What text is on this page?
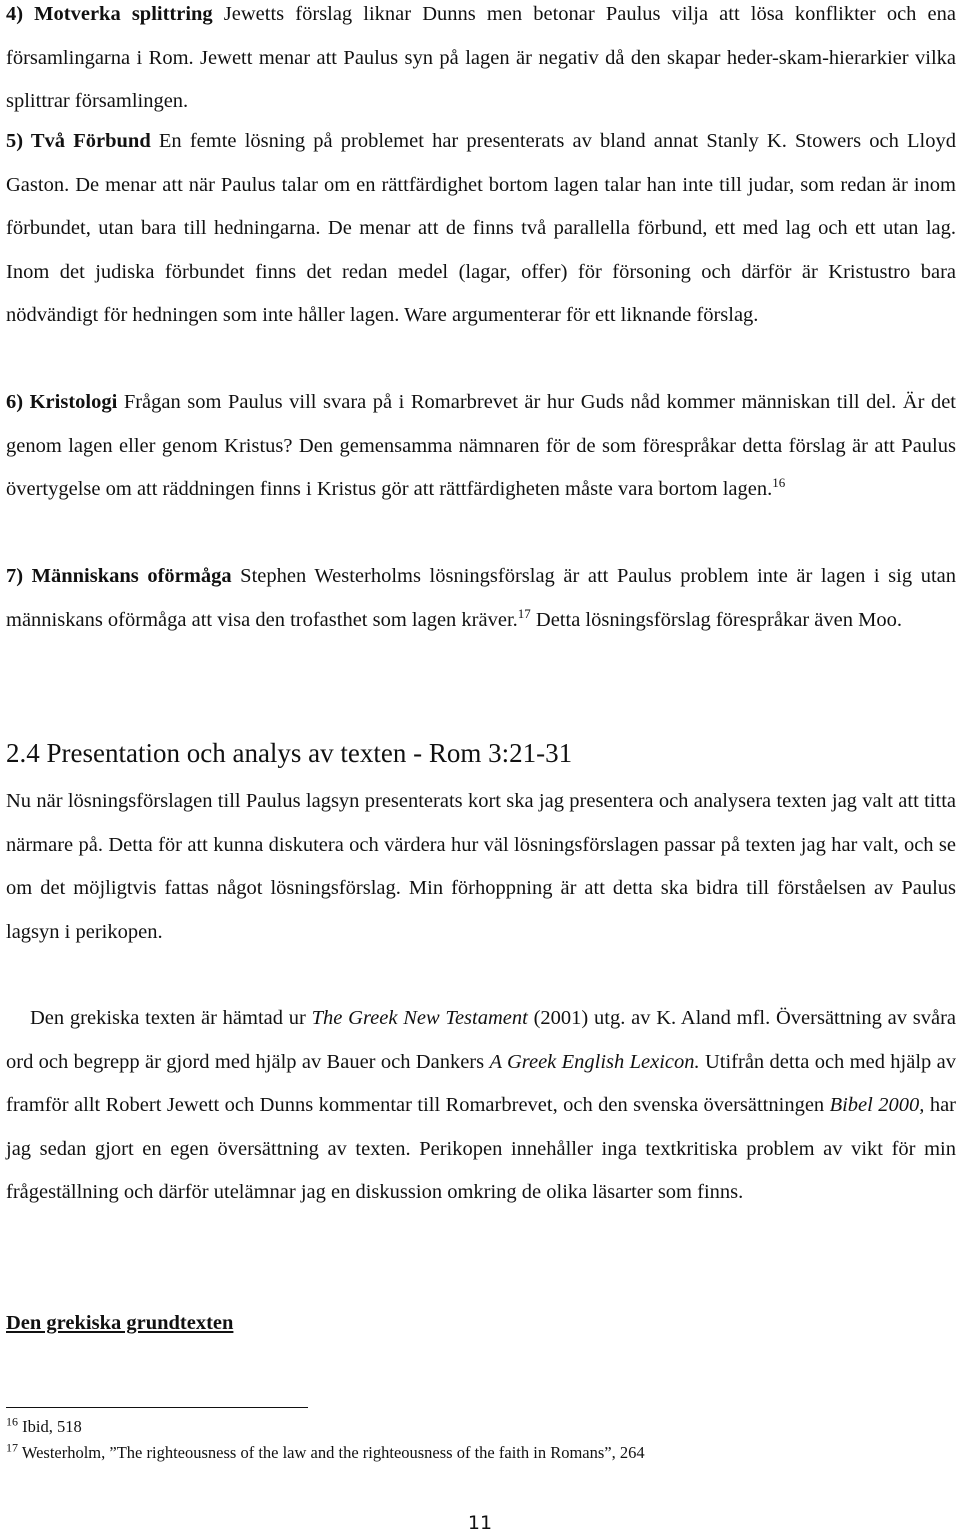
4) Motverka splittring Jewetts förslag liknar Dunns men betonar Paulus vilja att lösa konflikter och ena församlingarna i Rom. Jewett menar att Paulus syn på lagen är negativ då den skapar heder-skam-hierarkier vilka splittrar församlingen.

5) Två Förbund En femte lösning på problemet har presenterats av bland annat Stanly K. Stowers och Lloyd Gaston. De menar att när Paulus talar om en rättfärdighet bortom lagen talar han inte till judar, som redan är inom förbundet, utan bara till hedningarna. De menar att de finns två parallella förbund, ett med lag och ett utan lag. Inom det judiska förbundet finns det redan medel (lagar, offer) för försoning och därför är Kristustro bara nödvändigt för hedningen som inte håller lagen. Ware argumenterar för ett liknande förslag.

6) Kristologi Frågan som Paulus vill svara på i Romarbrevet är hur Guds nåd kommer människan till del. Är det genom lagen eller genom Kristus? Den gemensamma nämnaren för de som förespråkar detta förslag är att Paulus övertygelse om att räddningen finns i Kristus gör att rättfärdigheten måste vara bortom lagen.$^{16}$

7) Människans oförmåga Stephen Westerholms lösningsförslag är att Paulus problem inte är lagen i sig utan människans oförmåga att visa den trofasthet som lagen kräver.$^{17}$ Detta lösningsförslag förespråkar även Moo.

2.4 Presentation och analys av texten - Rom 3:21-31

Nu när lösningsförslagen till Paulus lagsyn presenterats kort ska jag presentera och analysera texten jag valt att titta närmare på. Detta för att kunna diskutera och värdera hur väl lösningsförslagen passar på texten jag har valt, och se om det möjligtvis fattas något lösningsförslag. Min förhoppning är att detta ska bidra till förståelsen av Paulus lagsyn i perikopen.

Den grekiska texten är hämtad ur The Greek New Testament (2001) utg. av K. Aland mfl. Översättning av svåra ord och begrepp är gjord med hjälp av Bauer och Dankers A Greek English Lexicon. Utifrån detta och med hjälp av framför allt Robert Jewett och Dunns kommentar till Romarbrevet, och den svenska översättningen Bibel 2000, har jag sedan gjort en egen översättning av texten. Perikopen innehåller inga textkritiska problem av vikt för min frågeställning och därför utelämnar jag en diskussion omkring de olika läsarter som finns.

Den grekiska grundtexten

$^{16}$ Ibid, 518

$^{17}$ Westerholm, ”The righteousness of the law and the righteousness of the faith in Romans”, 264

11
